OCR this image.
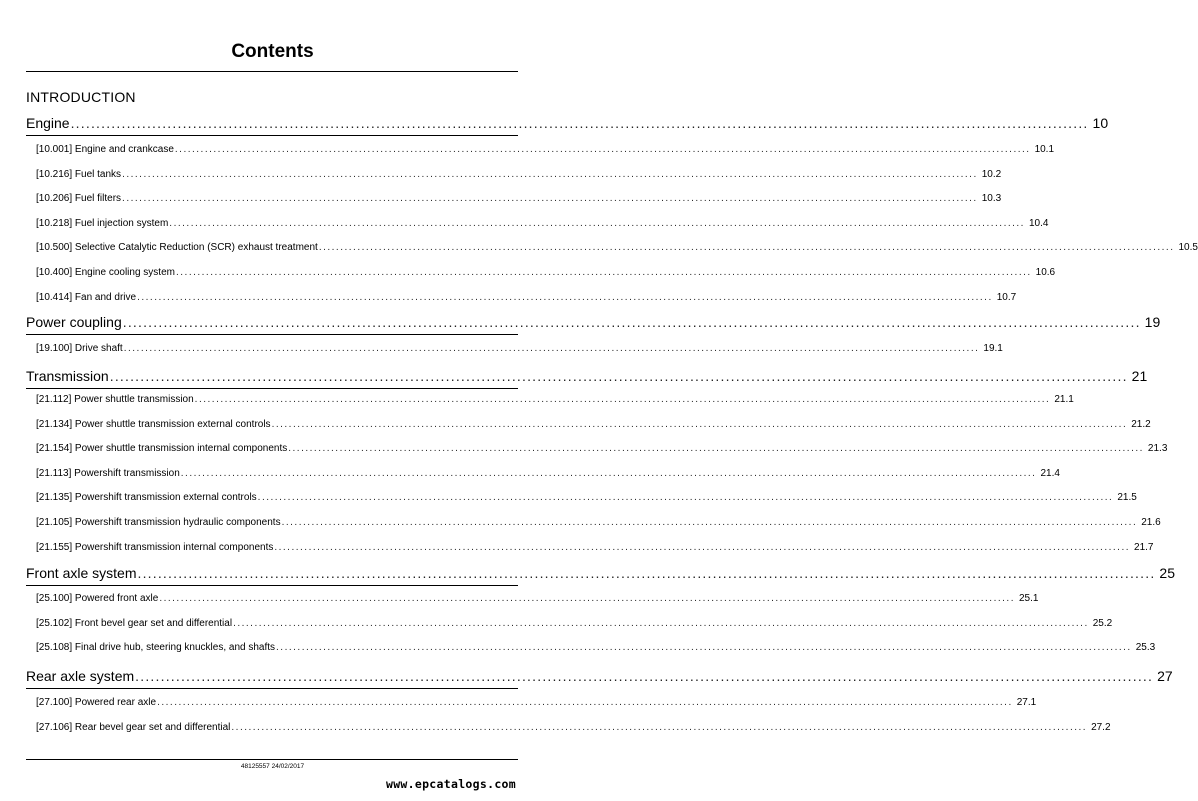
Contents
INTRODUCTION
Engine ........................................................................................................................................................................................................ 10
[10.001] Engine and crankcase ........................................................................................................................................................................................................ 10.1
[10.216] Fuel tanks ........................................................................................................................................................................................................ 10.2
[10.206] Fuel filters ........................................................................................................................................................................................................ 10.3
[10.218] Fuel injection system ........................................................................................................................................................................................................ 10.4
[10.500] Selective Catalytic Reduction (SCR) exhaust treatment ........................................................................................................................................................................................................ 10.5
[10.400] Engine cooling system ........................................................................................................................................................................................................ 10.6
[10.414] Fan and drive ........................................................................................................................................................................................................ 10.7
Power coupling ........................................................................................................................................................................................................ 19
[19.100] Drive shaft ........................................................................................................................................................................................................ 19.1
Transmission ........................................................................................................................................................................................................ 21
[21.112] Power shuttle transmission ........................................................................................................................................................................................................ 21.1
[21.134] Power shuttle transmission external controls ........................................................................................................................................................................................................ 21.2
[21.154] Power shuttle transmission internal components ........................................................................................................................................................................................................ 21.3
[21.113] Powershift transmission ........................................................................................................................................................................................................ 21.4
[21.135] Powershift transmission external controls ........................................................................................................................................................................................................ 21.5
[21.105] Powershift transmission hydraulic components ........................................................................................................................................................................................................ 21.6
[21.155] Powershift transmission internal components ........................................................................................................................................................................................................ 21.7
Front axle system ........................................................................................................................................................................................................ 25
[25.100] Powered front axle ........................................................................................................................................................................................................ 25.1
[25.102] Front bevel gear set and differential ........................................................................................................................................................................................................ 25.2
[25.108] Final drive hub, steering knuckles, and shafts ........................................................................................................................................................................................................ 25.3
Rear axle system ........................................................................................................................................................................................................ 27
[27.100] Powered rear axle ........................................................................................................................................................................................................ 27.1
[27.106] Rear bevel gear set and differential ........................................................................................................................................................................................................ 27.2
48125557 24/02/2017
www.epcatalogs.com
